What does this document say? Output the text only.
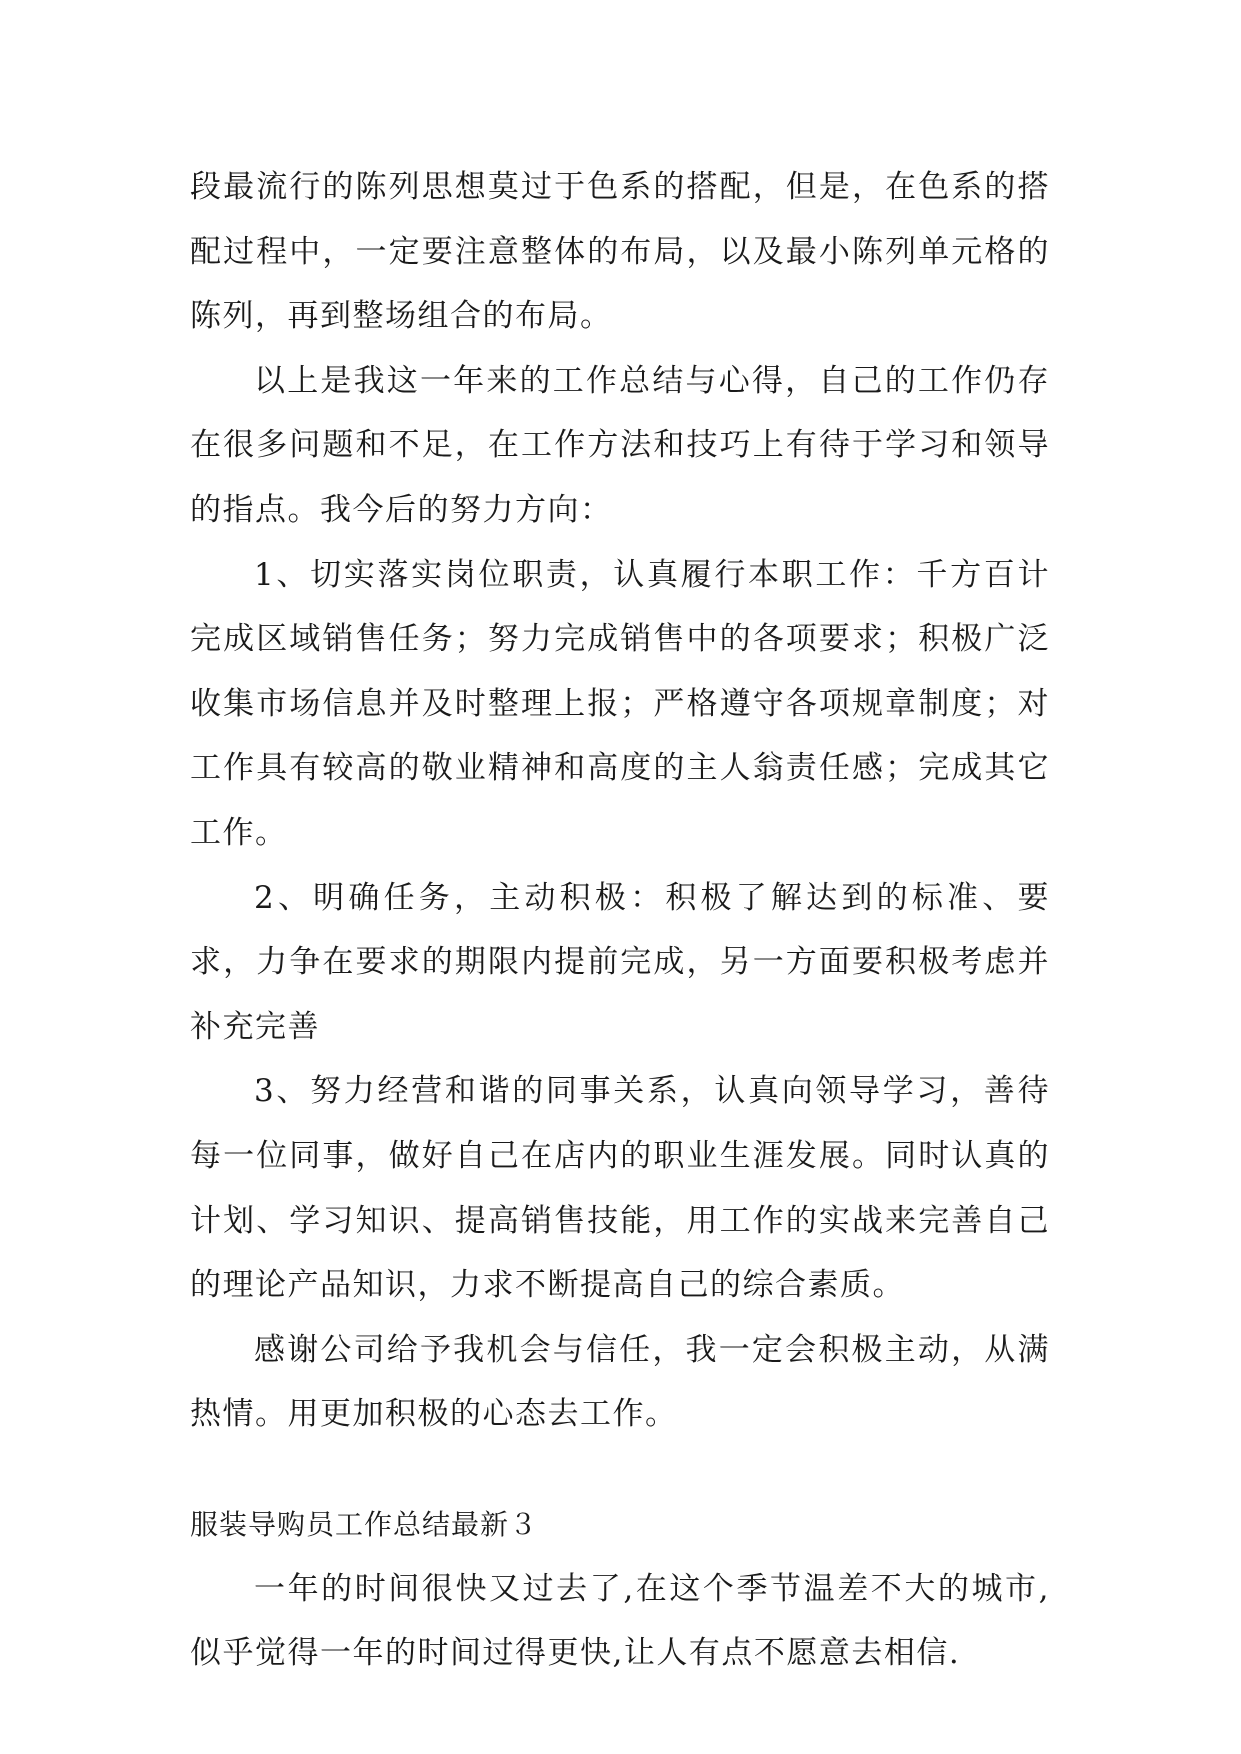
段最流行的陈列思想莫过于色系的搭配，但是，在色系的搭配过程中，一定要注意整体的布局，以及最小陈列单元格的陈列，再到整场组合的布局。

以上是我这一年来的工作总结与心得，自己的工作仍存在很多问题和不足，在工作方法和技巧上有待于学习和领导的指点。我今后的努力方向：

1、切实落实岗位职责，认真履行本职工作：千方百计完成区域销售任务；努力完成销售中的各项要求；积极广泛收集市场信息并及时整理上报；严格遵守各项规章制度；对工作具有较高的敬业精神和高度的主人翁责任感；完成其它工作。

2、明确任务，主动积极：积极了解达到的标准、要求，力争在要求的期限内提前完成，另一方面要积极考虑并补充完善

3、努力经营和谐的同事关系，认真向领导学习，善待每一位同事，做好自己在店内的职业生涯发展。同时认真的计划、学习知识、提高销售技能，用工作的实战来完善自己的理论产品知识，力求不断提高自己的综合素质。

感谢公司给予我机会与信任，我一定会积极主动，从满热情。用更加积极的心态去工作。

服装导购员工作总结最新３

一年的时间很快又过去了,在这个季节温差不大的城市,似乎觉得一年的时间过得更快,让人有点不愿意去相信.
